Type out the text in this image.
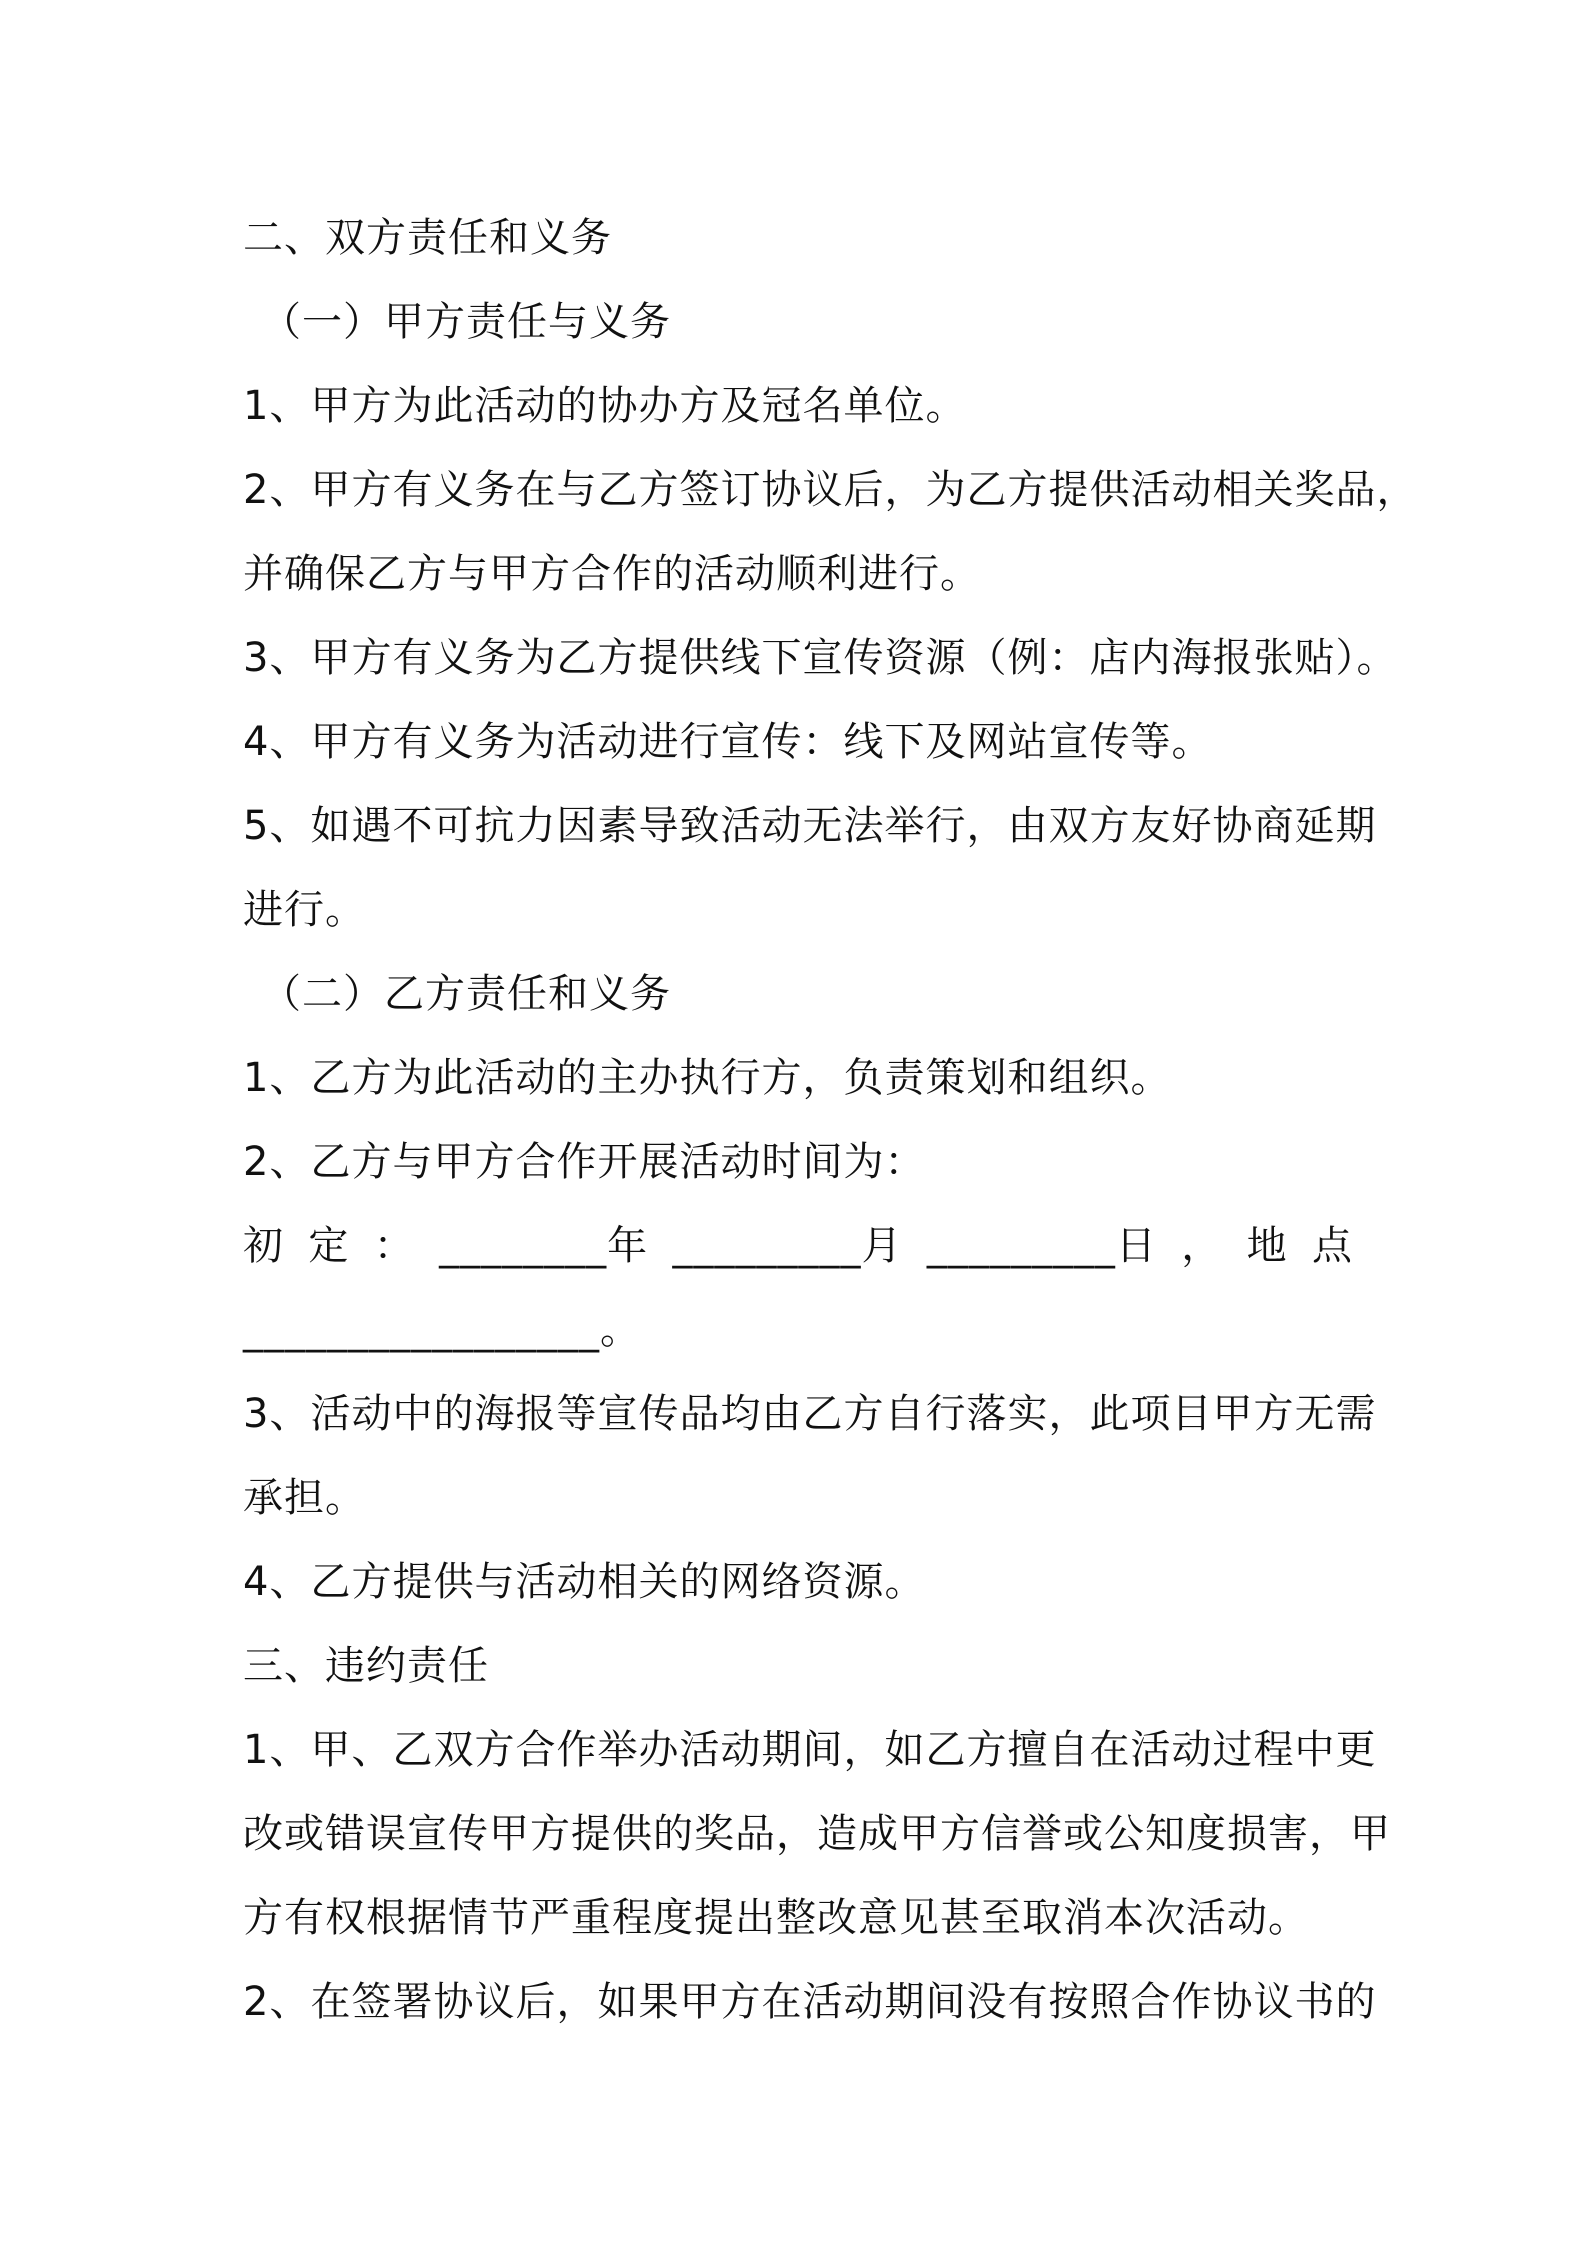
二、双方责任和义务
（一）甲方责任与义务
1、甲方为此活动的协办方及冠名单位。
2、甲方有义务在与乙方签订协议后，为乙方提供活动相关奖品，
并确保乙方与甲方合作的活动顺利进行。
3、甲方有义务为乙方提供线下宣传资源（例：店内海报张贴）。
4、甲方有义务为活动进行宣传：线下及网站宣传等。
5、如遇不可抗力因素导致活动无法举行，由双方友好协商延期
进行。
（二）乙方责任和义务
1、乙方为此活动的主办执行方，负责策划和组织。
2、乙方与甲方合作开展活动时间为：
初 定 ： ________年 _________月 _________日 ， 地 点
_________________。
3、活动中的海报等宣传品均由乙方自行落实，此项目甲方无需
承担。
4、乙方提供与活动相关的网络资源。
三、违约责任
1、甲、乙双方合作举办活动期间，如乙方擅自在活动过程中更
改或错误宣传甲方提供的奖品，造成甲方信誉或公知度损害，甲
方有权根据情节严重程度提出整改意见甚至取消本次活动。
2、在签署协议后，如果甲方在活动期间没有按照合作协议书的
